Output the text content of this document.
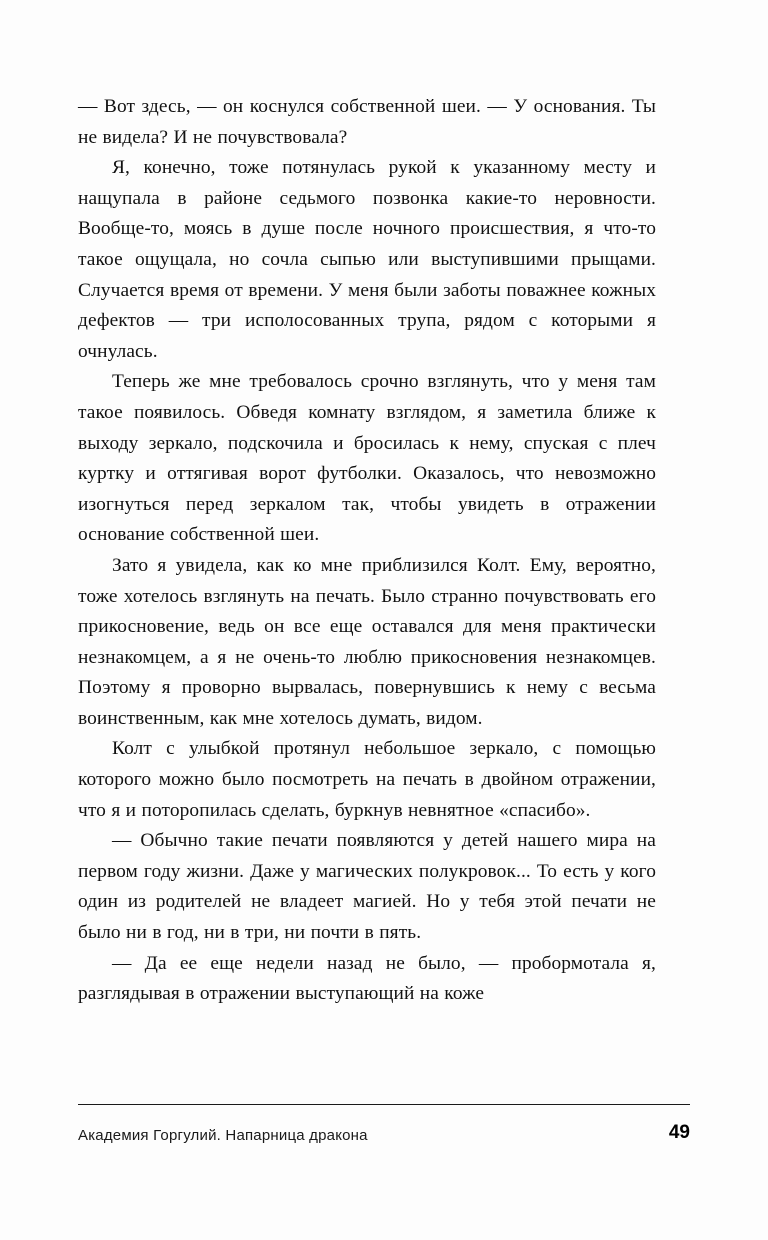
— Вот здесь, — он коснулся собственной шеи. — У основания. Ты не видела? И не почувствовала?

Я, конечно, тоже потянулась рукой к указанному месту и нащупала в районе седьмого позвонка какие-то неровности. Вообще-то, моясь в душе после ночного происшествия, я что-то такое ощущала, но сочла сыпью или выступившими прыщами. Случается время от времени. У меня были заботы поважнее кожных дефектов — три исполосованных трупа, рядом с которыми я очнулась.

Теперь же мне требовалось срочно взглянуть, что у меня там такое появилось. Обведя комнату взглядом, я заметила ближе к выходу зеркало, подскочила и бросилась к нему, спуская с плеч куртку и оттягивая ворот футболки. Оказалось, что невозможно изогнуться перед зеркалом так, чтобы увидеть в отражении основание собственной шеи.

Зато я увидела, как ко мне приблизился Колт. Ему, вероятно, тоже хотелось взглянуть на печать. Было странно почувствовать его прикосновение, ведь он все еще оставался для меня практически незнакомцем, а я не очень-то люблю прикосновения незнакомцев. Поэтому я проворно вырвалась, повернувшись к нему с весьма воинственным, как мне хотелось думать, видом.

Колт с улыбкой протянул небольшое зеркало, с помощью которого можно было посмотреть на печать в двойном отражении, что я и поторопилась сделать, буркнув невнятное «спасибо».

— Обычно такие печати появляются у детей нашего мира на первом году жизни. Даже у магических полукровок... То есть у кого один из родителей не владеет магией. Но у тебя этой печати не было ни в год, ни в три, ни почти в пять.

— Да ее еще недели назад не было, — пробормотала я, разглядывая в отражении выступающий на коже

Академия Горгулий. Напарница дракона	49
